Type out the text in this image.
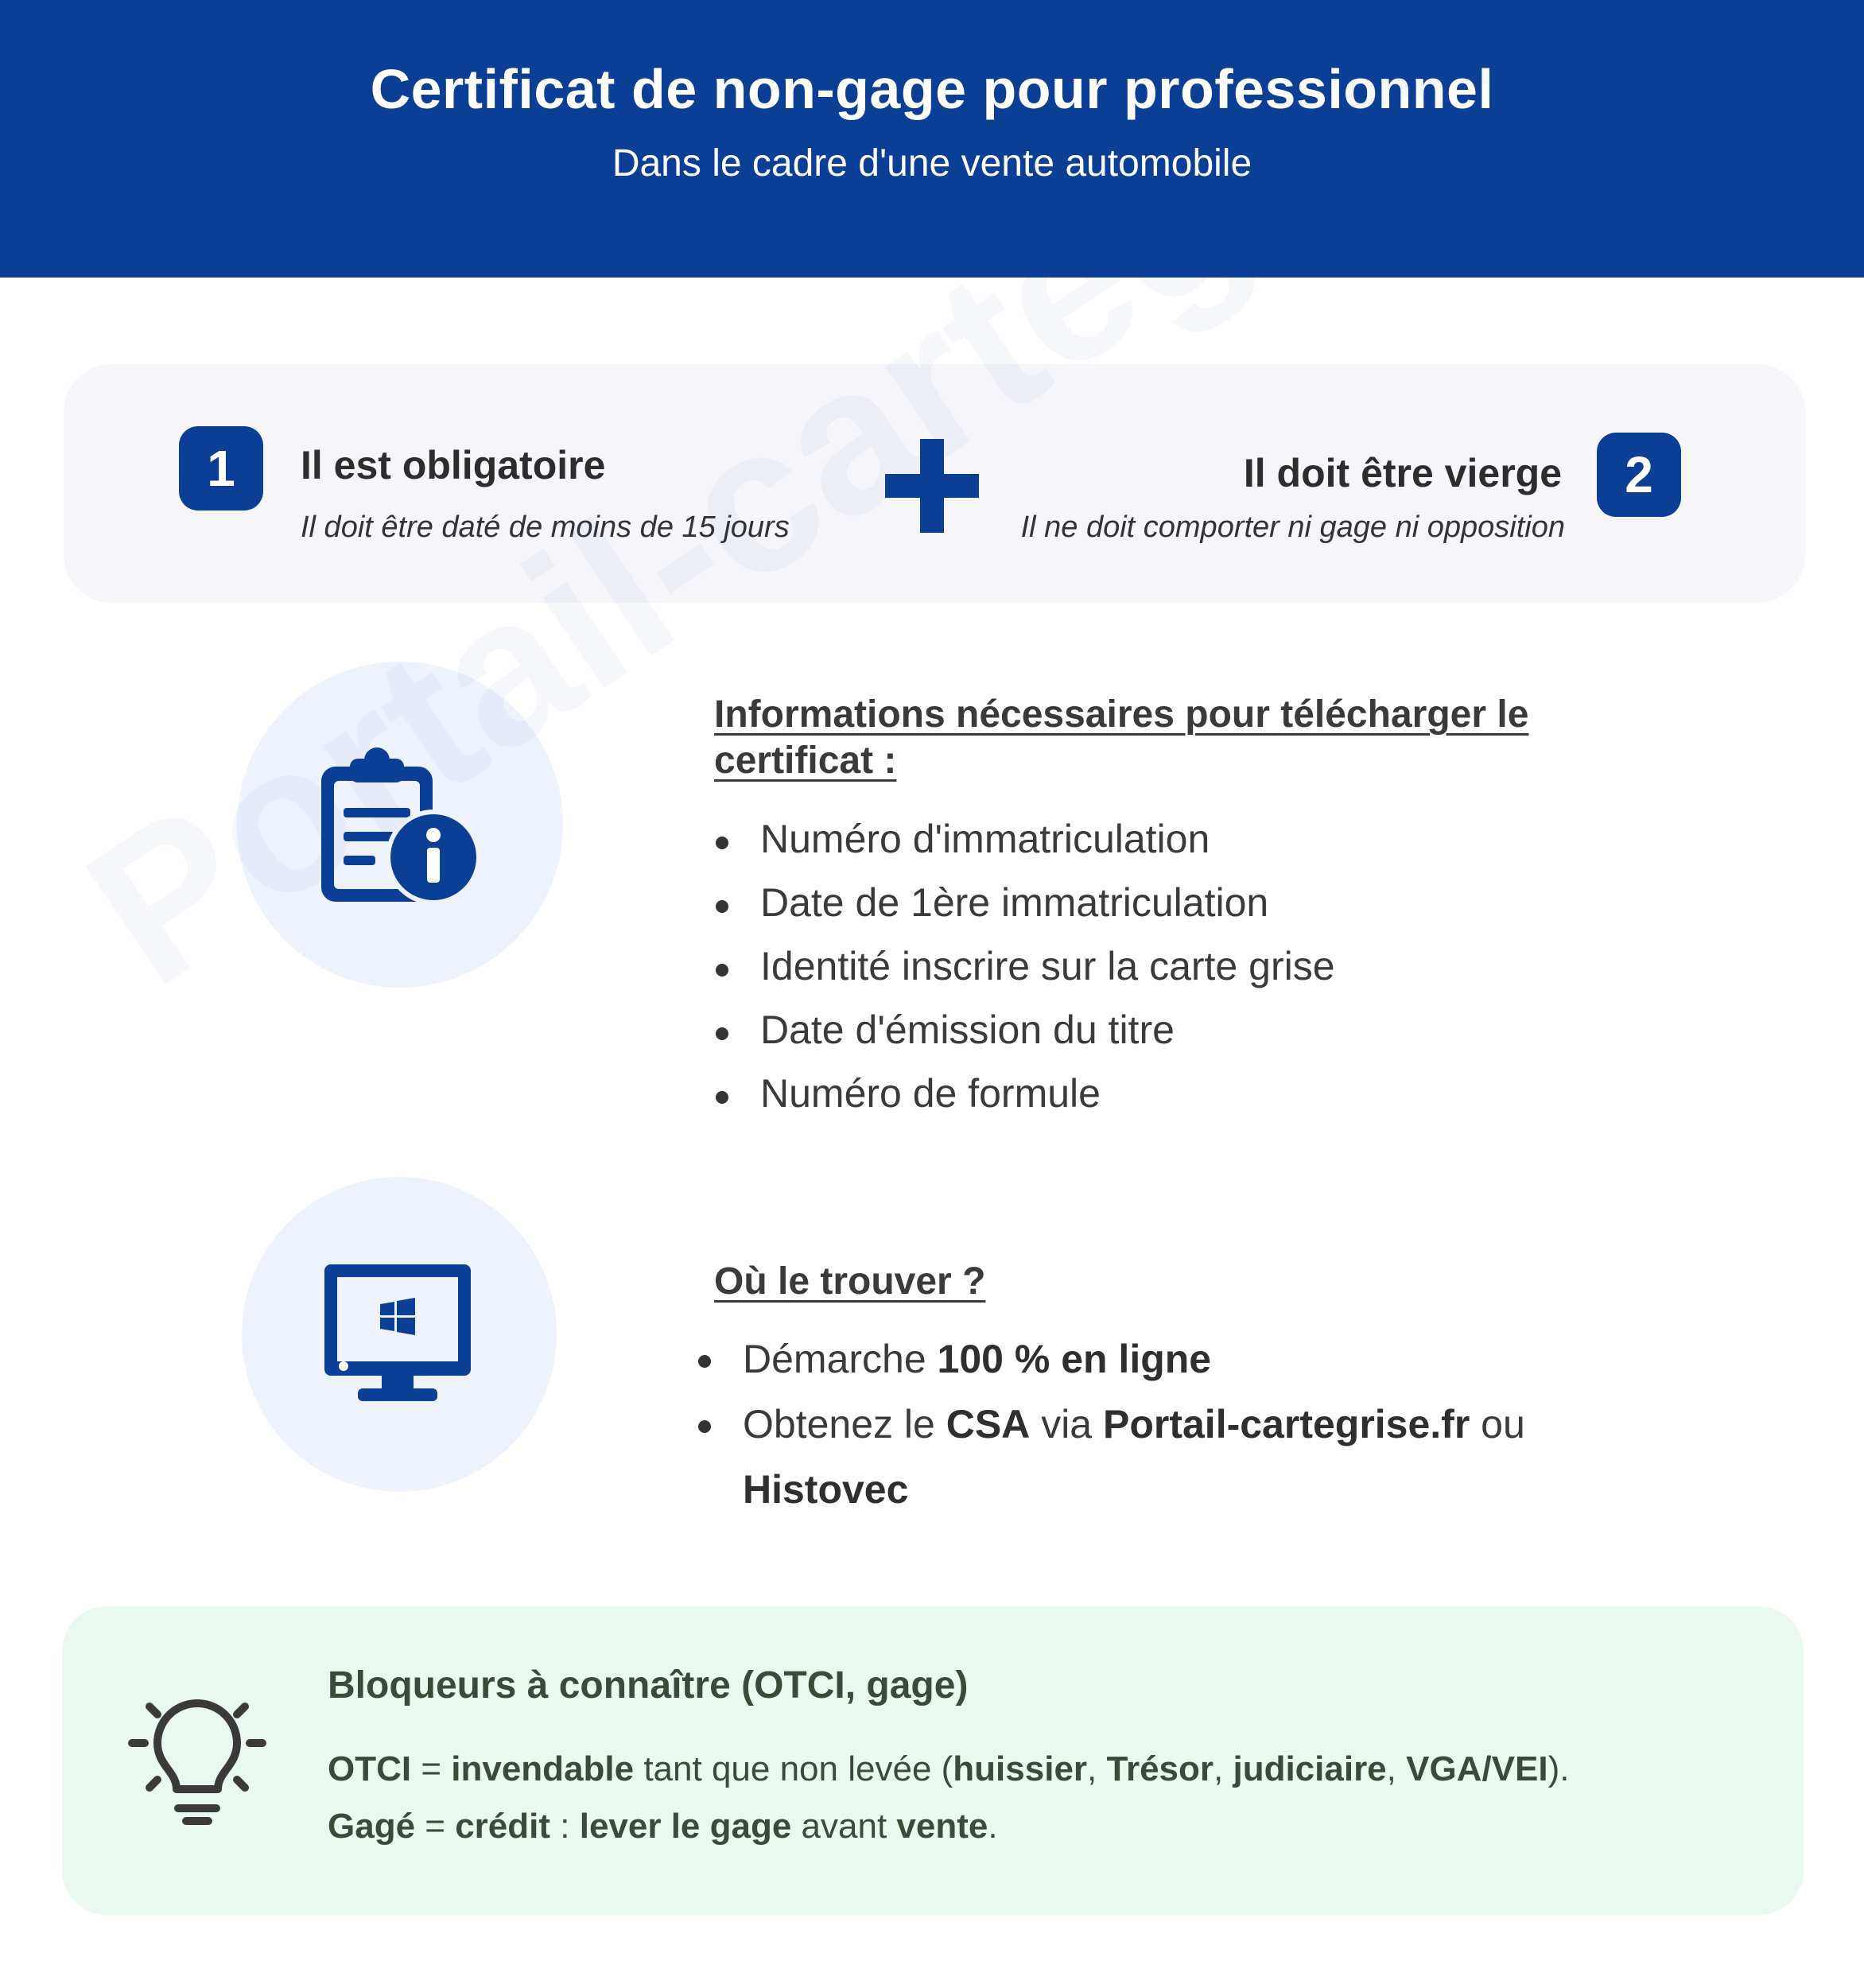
Certificat de non-gage pour professionnel
Dans le cadre d'une vente automobile
1	Il est obligatoire
Il doit être daté de moins de 15 jours
Il doit être vierge
Il ne doit comporter ni gage ni opposition
2
Informations nécessaires pour télécharger le
certificat :
Numéro d'immatriculation
Date de 1ère immatriculation
Identité inscrire sur la carte grise
Date d'émission du titre
Numéro de formule
Où le trouver ?
Démarche 100 % en ligne
Obtenez le CSA via Portail-cartegrise.fr ou
Histovec
Bloqueurs à connaître (OTCI, gage)
OTCI = invendable tant que non levée (huissier, Trésor, judiciaire, VGA/VEI).
Gagé = crédit : lever le gage avant vente.
